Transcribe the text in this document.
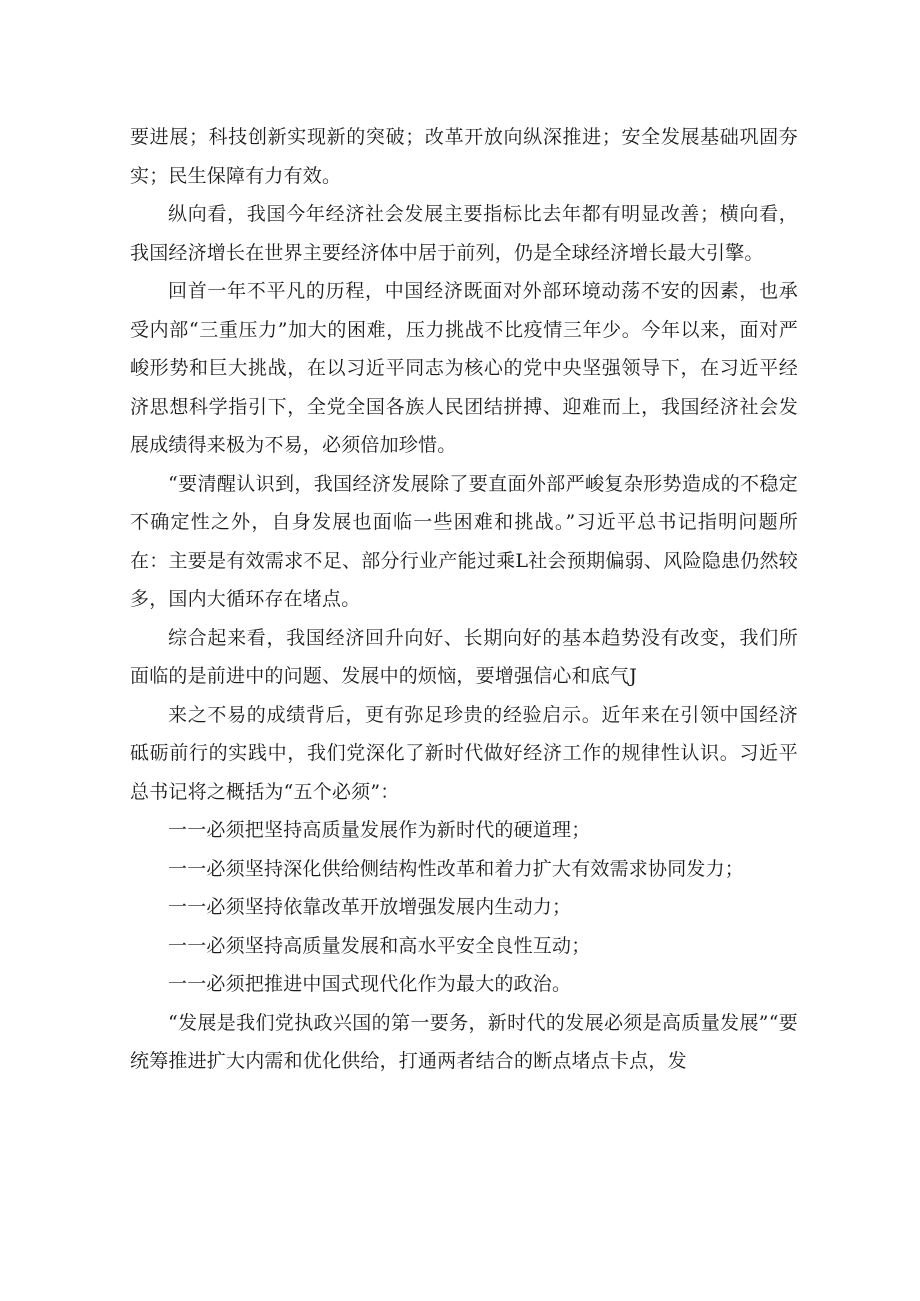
要进展；科技创新实现新的突破；改革开放向纵深推进；安全发展基础巩固夯实；民生保障有力有效。

纵向看，我国今年经济社会发展主要指标比去年都有明显改善；横向看，我国经济增长在世界主要经济体中居于前列，仍是全球经济增长最大引擎。

回首一年不平凡的历程，中国经济既面对外部环境动荡不安的因素，也承受内部“三重压力”加大的困难，压力挑战不比疫情三年少。今年以来，面对严峻形势和巨大挑战，在以习近平同志为核心的党中央坚强领导下，在习近平经济思想科学指引下，全党全国各族人民团结拼搏、迎难而上，我国经济社会发展成绩得来极为不易，必须倍加珍惜。

“要清醒认识到，我国经济发展除了要直面外部严峻复杂形势造成的不稳定不确定性之外，自身发展也面临一些困难和挑战。”习近平总书记指明问题所在：主要是有效需求不足、部分行业产能过乘L社会预期偏弱、风险隐患仍然较多，国内大循环存在堵点。

综合起来看，我国经济回升向好、长期向好的基本趋势没有改变，我们所面临的是前进中的问题、发展中的烦恼，要增强信心和底气J

来之不易的成绩背后，更有弥足珍贵的经验启示。近年来在引领中国经济砥砺前行的实践中，我们党深化了新时代做好经济工作的规律性认识。习近平总书记将之概括为“五个必须”：

一一必须把坚持高质量发展作为新时代的硬道理；

一一必须坚持深化供给侧结构性改革和着力扩大有效需求协同发力；

一一必须坚持依靠改革开放增强发展内生动力；

一一必须坚持高质量发展和高水平安全良性互动；

一一必须把推进中国式现代化作为最大的政治。

“发展是我们党执政兴国的第一要务，新时代的发展必须是高质量发展”“要统筹推进扩大内需和优化供给，打通两者结合的断点堵点卡点，发
